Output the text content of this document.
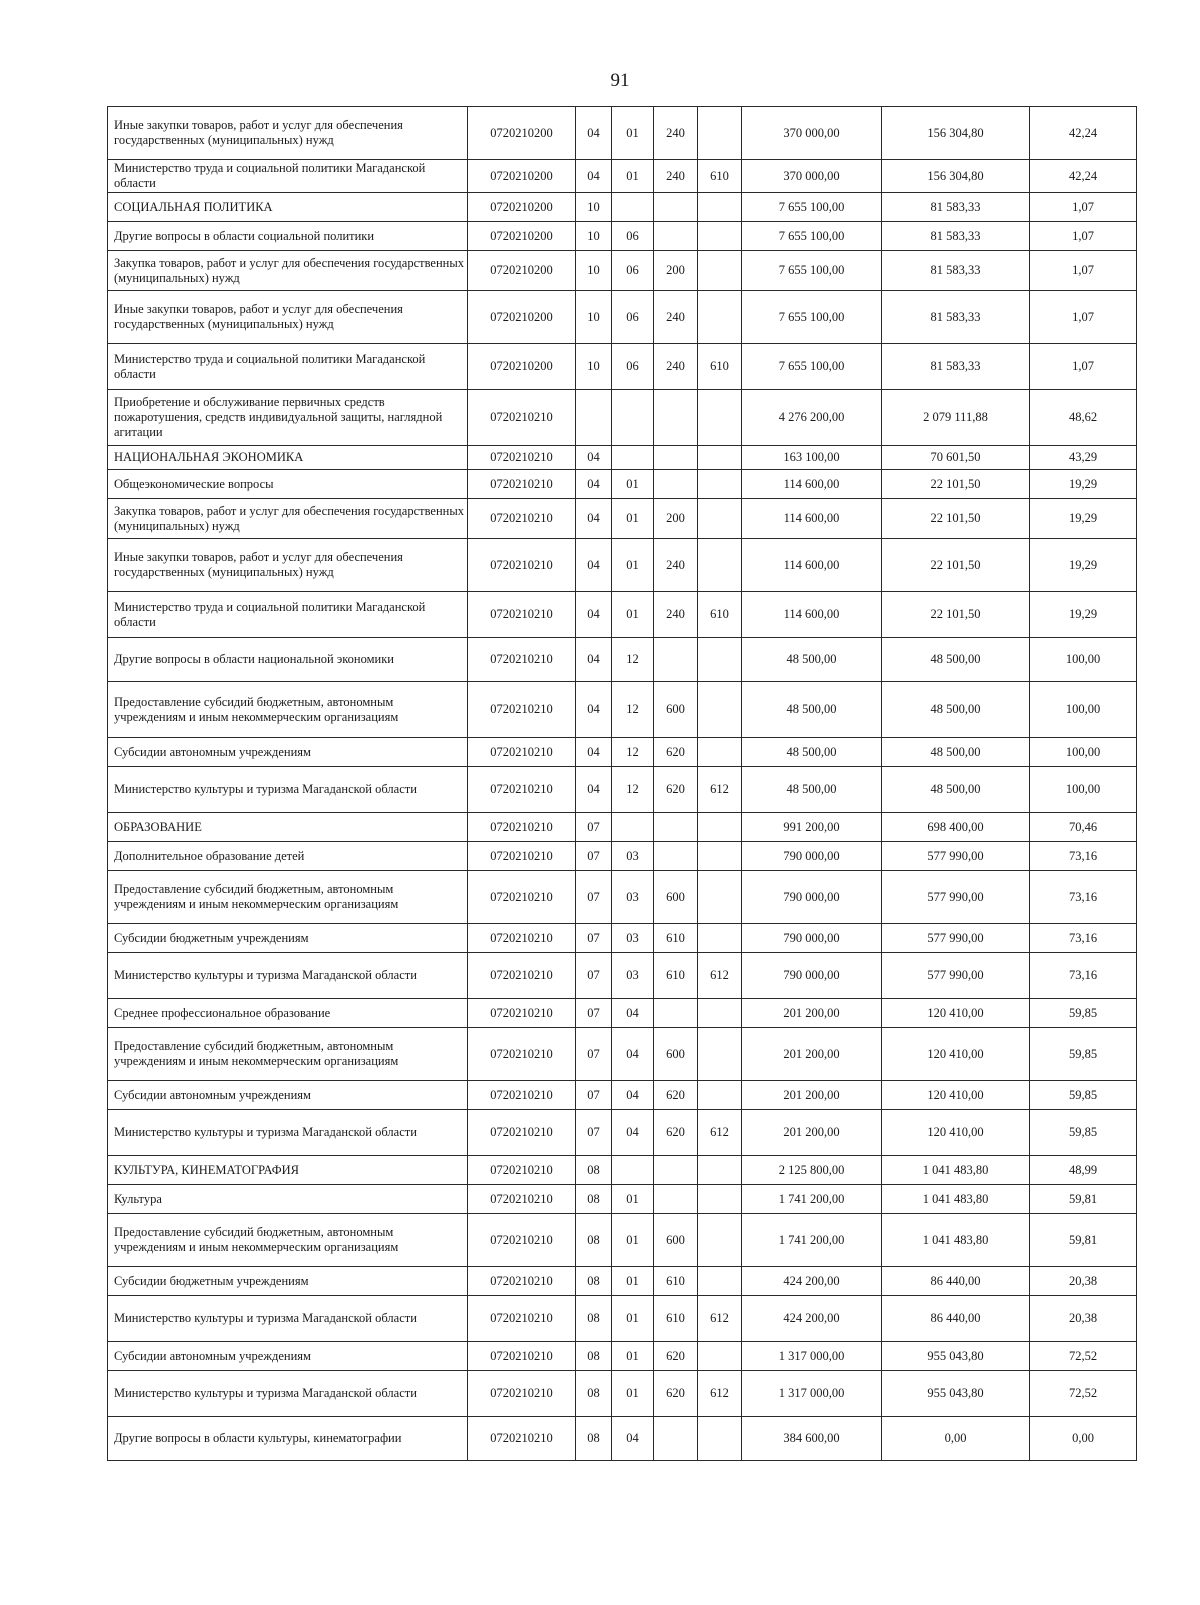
91
Иные закупки товаров, работ и услуг для обеспечения государственных (муниципальных) нужд	0720210200	04	01	240		370 000,00	156 304,80	42,24
Министерство труда и социальной политики Магаданской области	0720210200	04	01	240	610	370 000,00	156 304,80	42,24
СОЦИАЛЬНАЯ ПОЛИТИКА	0720210200	10				7 655 100,00	81 583,33	1,07
Другие вопросы в области социальной политики	0720210200	10	06			7 655 100,00	81 583,33	1,07
Закупка товаров, работ и услуг для обеспечения государственных (муниципальных) нужд	0720210200	10	06	200		7 655 100,00	81 583,33	1,07
Иные закупки товаров, работ и услуг для обеспечения государственных (муниципальных) нужд	0720210200	10	06	240		7 655 100,00	81 583,33	1,07
Министерство труда и социальной политики Магаданской области	0720210200	10	06	240	610	7 655 100,00	81 583,33	1,07
Приобретение и обслуживание первичных средств пожаротушения, средств индивидуальной защиты, наглядной агитации	0720210210					4 276 200,00	2 079 111,88	48,62
НАЦИОНАЛЬНАЯ ЭКОНОМИКА	0720210210	04				163 100,00	70 601,50	43,29
Общеэкономические вопросы	0720210210	04	01			114 600,00	22 101,50	19,29
Закупка товаров, работ и услуг для обеспечения государственных (муниципальных) нужд	0720210210	04	01	200		114 600,00	22 101,50	19,29
Иные закупки товаров, работ и услуг для обеспечения государственных (муниципальных) нужд	0720210210	04	01	240		114 600,00	22 101,50	19,29
Министерство труда и социальной политики Магаданской области	0720210210	04	01	240	610	114 600,00	22 101,50	19,29
Другие вопросы в области национальной экономики	0720210210	04	12			48 500,00	48 500,00	100,00
Предоставление субсидий бюджетным, автономным учреждениям и иным некоммерческим организациям	0720210210	04	12	600		48 500,00	48 500,00	100,00
Субсидии автономным учреждениям	0720210210	04	12	620		48 500,00	48 500,00	100,00
Министерство культуры и туризма Магаданской области	0720210210	04	12	620	612	48 500,00	48 500,00	100,00
ОБРАЗОВАНИЕ	0720210210	07				991 200,00	698 400,00	70,46
Дополнительное образование детей	0720210210	07	03			790 000,00	577 990,00	73,16
Предоставление субсидий бюджетным, автономным учреждениям и иным некоммерческим организациям	0720210210	07	03	600		790 000,00	577 990,00	73,16
Субсидии бюджетным учреждениям	0720210210	07	03	610		790 000,00	577 990,00	73,16
Министерство культуры и туризма Магаданской области	0720210210	07	03	610	612	790 000,00	577 990,00	73,16
Среднее профессиональное образование	0720210210	07	04			201 200,00	120 410,00	59,85
Предоставление субсидий бюджетным, автономным учреждениям и иным некоммерческим организациям	0720210210	07	04	600		201 200,00	120 410,00	59,85
Субсидии автономным учреждениям	0720210210	07	04	620		201 200,00	120 410,00	59,85
Министерство культуры и туризма Магаданской области	0720210210	07	04	620	612	201 200,00	120 410,00	59,85
КУЛЬТУРА, КИНЕМАТОГРАФИЯ	0720210210	08				2 125 800,00	1 041 483,80	48,99
Культура	0720210210	08	01			1 741 200,00	1 041 483,80	59,81
Предоставление субсидий бюджетным, автономным учреждениям и иным некоммерческим организациям	0720210210	08	01	600		1 741 200,00	1 041 483,80	59,81
Субсидии бюджетным учреждениям	0720210210	08	01	610		424 200,00	86 440,00	20,38
Министерство культуры и туризма Магаданской области	0720210210	08	01	610	612	424 200,00	86 440,00	20,38
Субсидии автономным учреждениям	0720210210	08	01	620		1 317 000,00	955 043,80	72,52
Министерство культуры и туризма Магаданской области	0720210210	08	01	620	612	1 317 000,00	955 043,80	72,52
Другие вопросы в области культуры, кинематографии	0720210210	08	04			384 600,00	0,00	0,00
